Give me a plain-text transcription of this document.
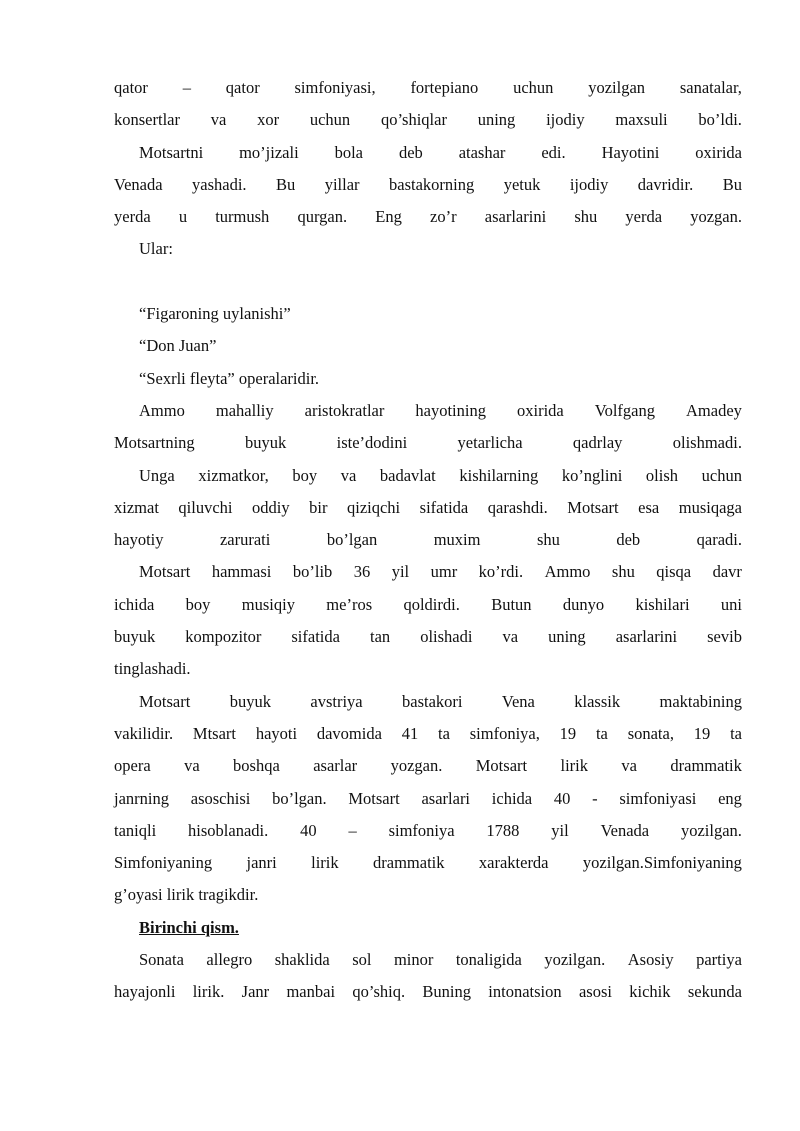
qator – qator simfoniyasi, fortepiano uchun yozilgan sanatalar,
konsertlar va xor uchun qo’shiqlar uning ijodiy maxsuli bo’ldi.
Motsartni mo’jizali bola deb atashar edi. Hayotini oxirida
Venada yashadi. Bu yillar bastakorning yetuk ijodiy davridir. Bu
yerda u turmush qurgan. Eng zo’r asarlarini shu yerda yozgan.
Ular:
“Figaroning uylanishi”
“Don Juan”
“Sexrli fleyta” operalaridir.
Ammo mahalliy aristokratlar hayotining oxirida Volfgang Amadey
Motsartning	buyuk	iste’dodini	yetarlicha	qadrlay	olishmadi.
Unga xizmatkor, boy va badavlat kishilarning ko’nglini olish uchun
xizmat qiluvchi oddiy bir qiziqchi sifatida qarashdi. Motsart esa musiqaga
hayotiy	zarurati	bo’lgan	muxim	shu	deb	qaradi.
Motsart hammasi bo’lib 36 yil umr ko’rdi. Ammo shu qisqa davr
ichida boy musiqiy me’ros qoldirdi. Butun dunyo kishilari uni
buyuk kompozitor sifatida tan olishadi va uning asarlarini sevib
tinglashadi.
Motsart buyuk avstriya bastakori Vena klassik maktabining
vakilidir. Mtsart hayoti davomida 41 ta simfoniya, 19 ta sonata, 19 ta
opera va boshqa asarlar yozgan. Motsart lirik va drammatik
janrning asoschisi bo’lgan. Motsart asarlari ichida 40 - simfoniyasi eng
taniqli hisoblanadi. 40 – simfoniya 1788 yil Venada yozilgan.
Simfoniyaning janri lirik drammatik xarakterda yozilgan.Simfoniyaning
g’oyasi lirik tragikdir.
Birinchi qism.
Sonata allegro shaklida sol minor tonaligida yozilgan. Asosiy partiya
hayajonli lirik. Janr manbai qo’shiq. Buning intonatsion asosi kichik sekunda
